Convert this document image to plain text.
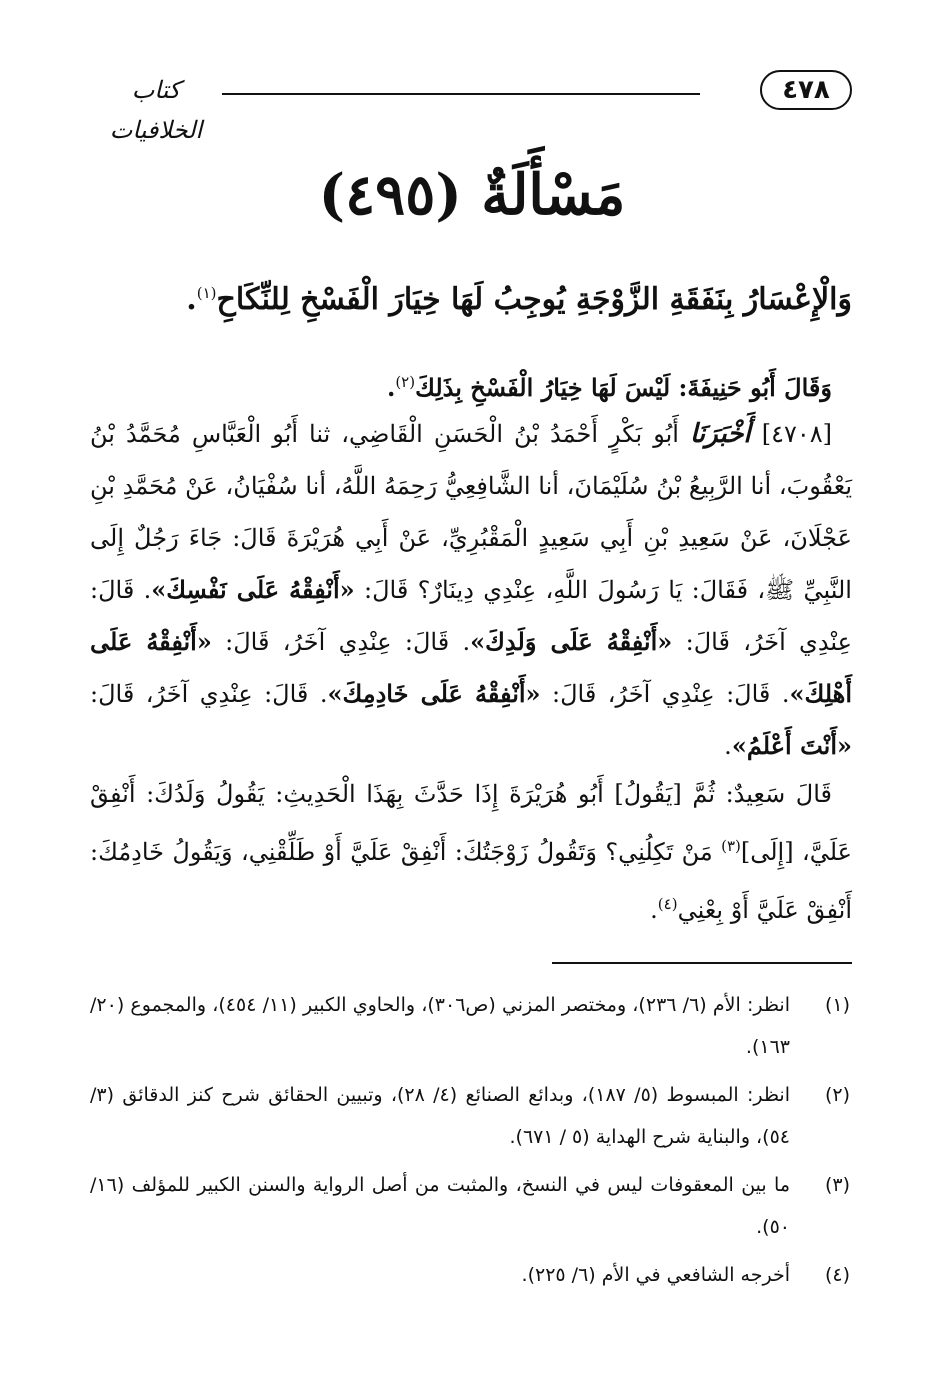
٤٧٨
كتاب الخلافيات
مَسْأَلَةٌ (٤٩٥)
وَالْإِعْسَارُ بِنَفَقَةِ الزَّوْجَةِ يُوجِبُ لَهَا خِيَارَ الْفَسْخِ لِلنِّكَاحِ$^{(١)}$.
وَقَالَ أَبُو حَنِيفَةَ: لَيْسَ لَهَا خِيَارُ الْفَسْخِ بِذَلِكَ$^{(٢)}$.
[٤٧٠٨] أَخْبَرَنَا أَبُو بَكْرٍ أَحْمَدُ بْنُ الْحَسَنِ الْقَاضِي، ثنا أَبُو الْعَبَّاسِ مُحَمَّدُ بْنُ يَعْقُوبَ، أنا الرَّبِيعُ بْنُ سُلَيْمَانَ، أنا الشَّافِعِيُّ رَحِمَهُ اللَّهُ، أنا سُفْيَانُ، عَنْ مُحَمَّدِ بْنِ عَجْلَانَ، عَنْ سَعِيدِ بْنِ أَبِي سَعِيدٍ الْمَقْبُرِيِّ، عَنْ أَبِي هُرَيْرَةَ قَالَ: جَاءَ رَجُلٌ إِلَى النَّبِيِّ ﷺ، فَقَالَ: يَا رَسُولَ اللَّهِ، عِنْدِي دِينَارٌ؟ قَالَ: «أَنْفِقْهُ عَلَى نَفْسِكَ». قَالَ: عِنْدِي آخَرُ، قَالَ: «أَنْفِقْهُ عَلَى وَلَدِكَ». قَالَ: عِنْدِي آخَرُ، قَالَ: «أَنْفِقْهُ عَلَى أَهْلِكَ». قَالَ: عِنْدِي آخَرُ، قَالَ: «أَنْفِقْهُ عَلَى خَادِمِكَ». قَالَ: عِنْدِي آخَرُ، قَالَ: «أَنْتَ أَعْلَمُ».
قَالَ سَعِيدٌ: ثُمَّ [يَقُولُ] أَبُو هُرَيْرَةَ إِذَا حَدَّثَ بِهَذَا الْحَدِيثِ: يَقُولُ وَلَدُكَ: أَنْفِقْ عَلَيَّ، [إِلَى]$^{(٣)}$ مَنْ تَكِلُنِي؟ وَتَقُولُ زَوْجَتُكَ: أَنْفِقْ عَلَيَّ أَوْ طَلِّقْنِي، وَيَقُولُ خَادِمُكَ: أَنْفِقْ عَلَيَّ أَوْ بِعْنِي$^{(٤)}$.
(١)
انظر: الأم (٦/ ٢٣٦)، ومختصر المزني (ص٣٠٦)، والحاوي الكبير (١١/ ٤٥٤)، والمجموع (٢٠/ ١٦٣).
(٢)
انظر: المبسوط (٥/ ١٨٧)، وبدائع الصنائع (٤/ ٢٨)، وتبيين الحقائق شرح كنز الدقائق (٣/ ٥٤)، والبناية شرح الهداية (٥ / ٦٧١).
(٣)
ما بين المعقوفات ليس في النسخ، والمثبت من أصل الرواية والسنن الكبير للمؤلف (١٦/ ٥٠).
(٤)
أخرجه الشافعي في الأم (٦/ ٢٢٥).
